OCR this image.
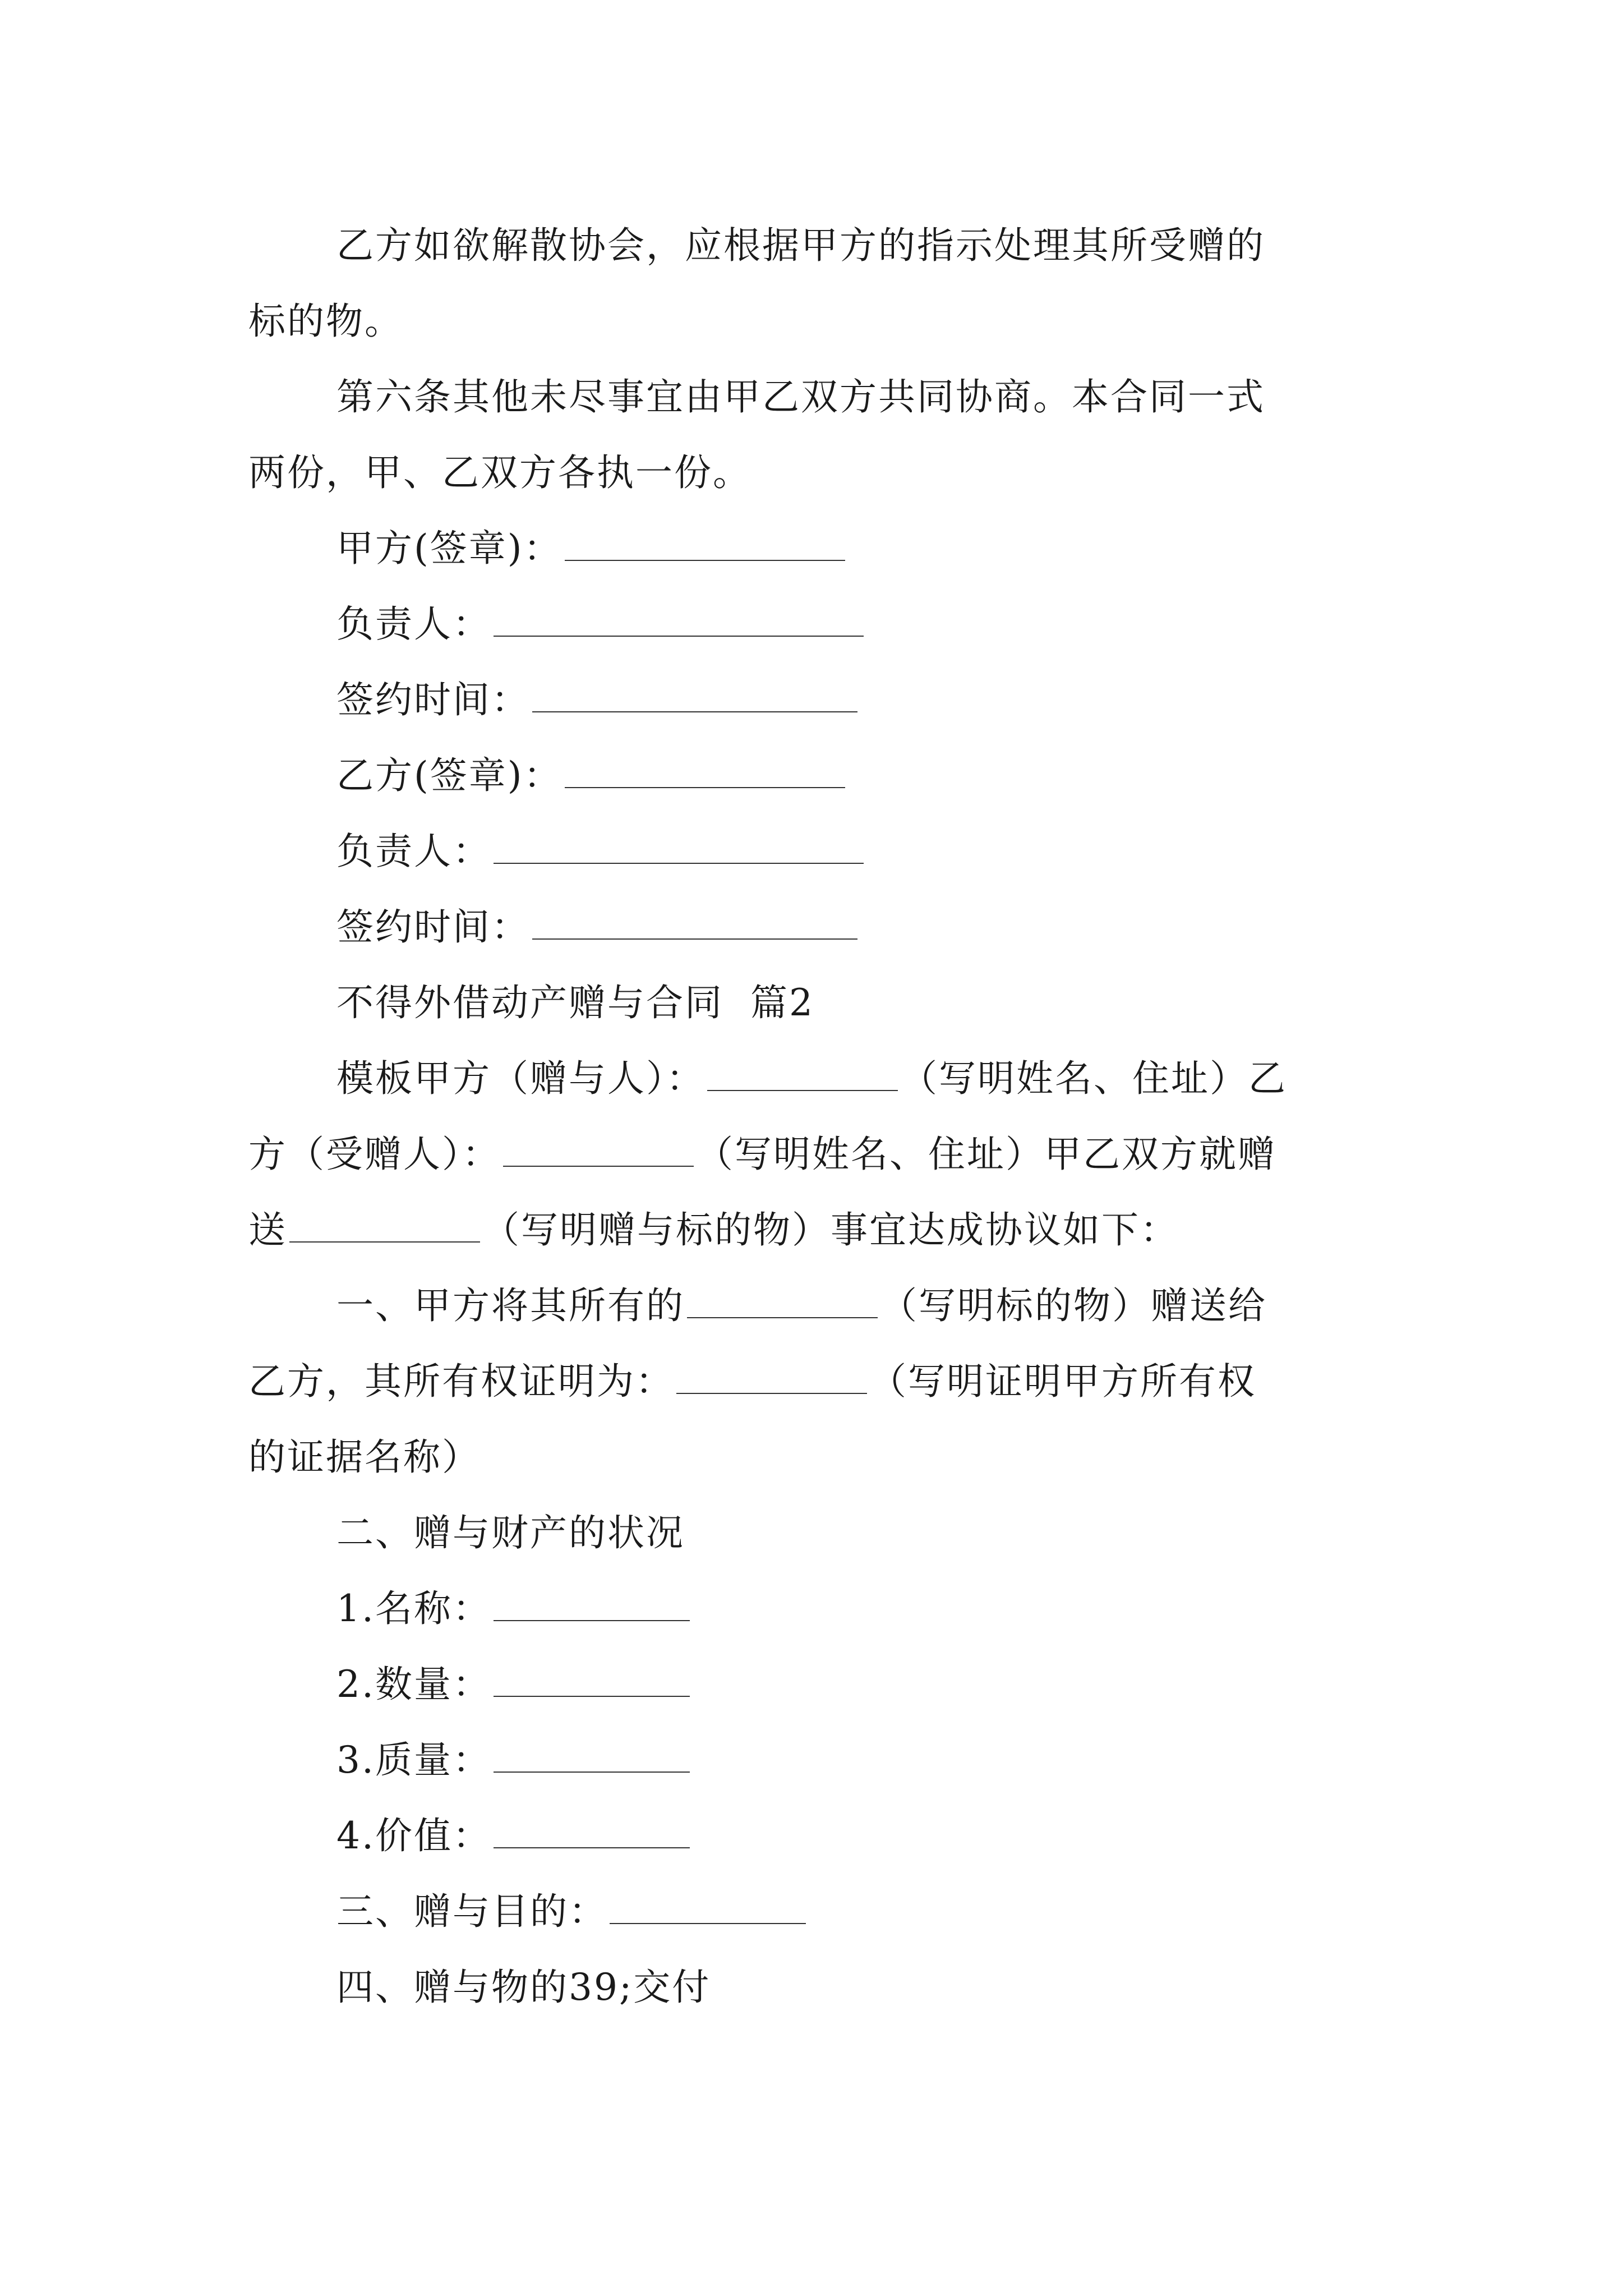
乙方如欲解散协会，应根据甲方的指示处理其所受赠的
标的物。
第六条其他未尽事宜由甲乙双方共同协商。本合同一式
两份，甲、乙双方各执一份。
甲方(签章)：
负责人：
签约时间：
乙方(签章)：
负责人：
签约时间：
不得外借动产赠与合同  篇2
模板甲方（赠与人）：	（写明姓名、住址）乙
方（受赠人）：	（写明姓名、住址）甲乙双方就赠
送	（写明赠与标的物）事宜达成协议如下：
一、甲方将其所有的	（写明标的物）赠送给
乙方，其所有权证明为：	（写明证明甲方所有权
的证据名称）
二、赠与财产的状况
1.名称：
2.数量：
3.质量：
4.价值：
三、赠与目的：
四、赠与物的39;交付
